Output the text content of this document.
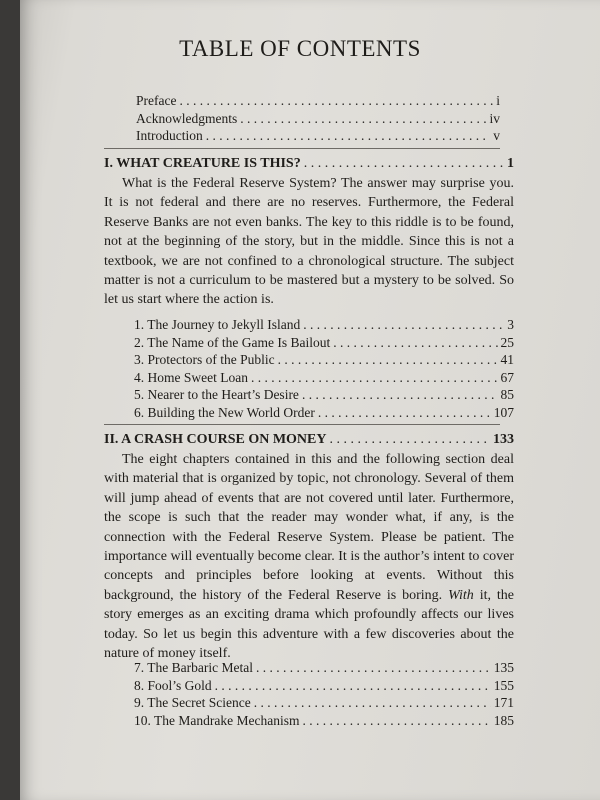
TABLE OF CONTENTS
Preface . . .	i
Acknowledgments . . .	iv
Introduction . . .	v
I. WHAT CREATURE IS THIS? . . .	1

What is the Federal Reserve System? The answer may surprise you. It is not federal and there are no reserves. Furthermore, the Federal Reserve Banks are not even banks. The key to this riddle is to be found, not at the beginning of the story, but in the middle. Since this is not a textbook, we are not confined to a chronological structure. The subject matter is not a curriculum to be mastered but a mystery to be solved. So let us start where the action is.

1. The Journey to Jekyll Island . . .	3
2. The Name of the Game Is Bailout . . .	25
3. Protectors of the Public . . .	41
4. Home Sweet Loan . . .	67
5. Nearer to the Heart’s Desire . . .	85
6. Building the New World Order . . .	107
II. A CRASH COURSE ON MONEY . . .	133

The eight chapters contained in this and the following section deal with material that is organized by topic, not chronology. Several of them will jump ahead of events that are not covered until later. Furthermore, the scope is such that the reader may wonder what, if any, is the connection with the Federal Reserve System. Please be patient. The importance will eventually become clear. It is the author’s intent to cover concepts and principles before looking at events. Without this background, the history of the Federal Reserve is boring. With it, the story emerges as an exciting drama which profoundly affects our lives today. So let us begin this adventure with a few discoveries about the nature of money itself.

7. The Barbaric Metal . . .	135
8. Fool’s Gold . . .	155
9. The Secret Science . . .	171
10. The Mandrake Mechanism . . .	185
